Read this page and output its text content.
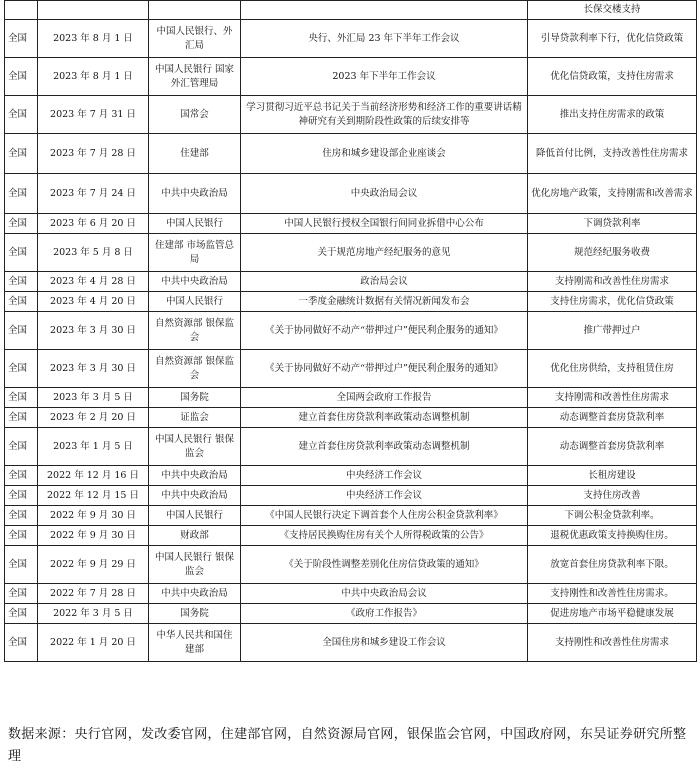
				长保交楼支持
全国	2023 年 8 月 1 日	中国人民银行、外汇局	央行、外汇局 23 年下半年工作会议	引导贷款利率下行，优化信贷政策
全国	2023 年 8 月 1 日	中国人民银行 国家外汇管理局	2023 年下半年工作会议	优化信贷政策，支持住房需求
全国	2023 年 7 月 31 日	国常会	学习贯彻习近平总书记关于当前经济形势和经济工作的重要讲话精神研究有关到期阶段性政策的后续安排等	推出支持住房需求的政策
全国	2023 年 7 月 28 日	住建部	住房和城乡建设部企业座谈会	降低首付比例，支持改善性住房需求
全国	2023 年 7 月 24 日	中共中央政治局	中央政治局会议	优化房地产政策，支持刚需和改善需求
全国	2023 年 6 月 20 日	中国人民银行	中国人民银行授权全国银行间同业拆借中心公布	下调贷款利率
全国	2023 年 5 月 8 日	住建部 市场监管总局	关于规范房地产经纪服务的意见	规范经纪服务收费
全国	2023 年 4 月 28 日	中共中央政治局	政治局会议	支持刚需和改善性住房需求
全国	2023 年 4 月 20 日	中国人民银行	一季度金融统计数据有关情况新闻发布会	支持住房需求，优化信贷政策
全国	2023 年 3 月 30 日	自然资源部 银保监会	《关于协同做好不动产“带押过户”便民利企服务的通知》	推广带押过户
全国	2023 年 3 月 30 日	自然资源部 银保监会	《关于协同做好不动产“带押过户”便民利企服务的通知》	优化住房供给，支持租赁住房
全国	2023 年 3 月 5 日	国务院	全国两会政府工作报告	支持刚需和改善性住房需求
全国	2023 年 2 月 20 日	证监会	建立首套住房贷款利率政策动态调整机制	动态调整首套房贷款利率
全国	2023 年 1 月 5 日	中国人民银行 银保监会	建立首套住房贷款利率政策动态调整机制	动态调整首套房贷款利率
全国	2022 年 12 月 16 日	中共中央政治局	中央经济工作会议	长租房建设
全国	2022 年 12 月 15 日	中共中央政治局	中央经济工作会议	支持住房改善
全国	2022 年 9 月 30 日	中国人民银行	《中国人民银行决定下调首套个人住房公积金贷款利率》	下调公积金贷款利率。
全国	2022 年 9 月 30 日	财政部	《支持居民换购住房有关个人所得税政策的公告》	退税优惠政策支持换购住房。
全国	2022 年 9 月 29 日	中国人民银行 银保监会	《关于阶段性调整差别化住房信贷政策的通知》	放宽首套住房贷款利率下限。
全国	2022 年 7 月 28 日	中共中央政治局	中共中央政治局会议	支持刚性和改善性住房需求。
全国	2022 年 3 月 5 日	国务院	《政府工作报告》	促进房地产市场平稳健康发展
全国	2022 年 1 月 20 日	中华人民共和国住建部	全国住房和城乡建设工作会议	支持刚性和改善性住房需求
数据来源：央行官网，发改委官网，住建部官网，自然资源局官网，银保监会官网，中国政府网，东吴证券研究所整理
